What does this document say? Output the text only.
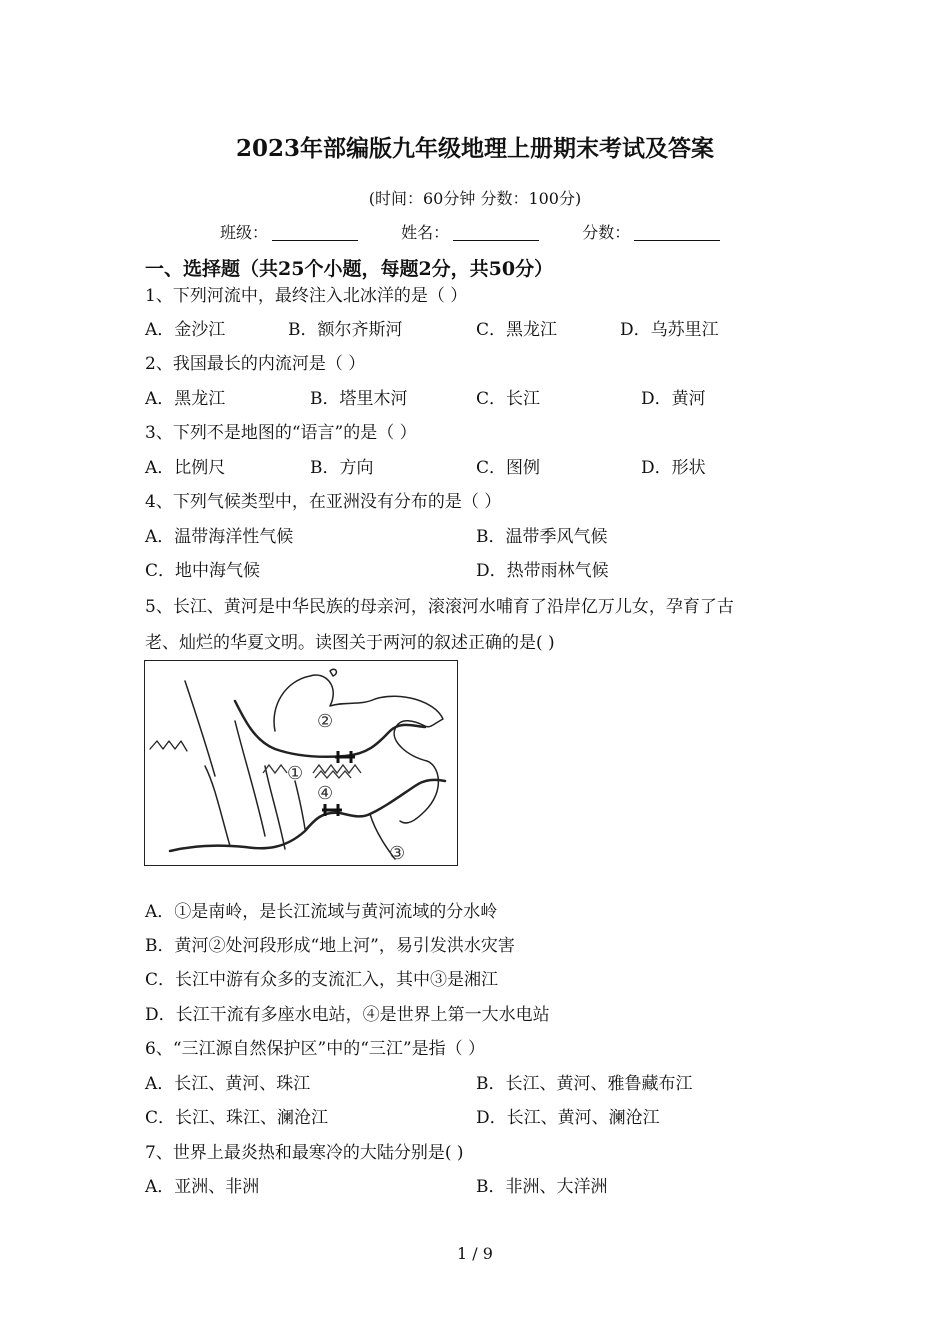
2023年部编版九年级地理上册期末考试及答案
(时间：60分钟 分数：100分)
班级：	姓名：	分数：
一、选择题（共25个小题，每题2分，共50分）
1、下列河流中，最终注入北冰洋的是（ ）
A．金沙江	B．额尔齐斯河	C．黑龙江	D．乌苏里江
2、我国最长的内流河是（ ）
A．黑龙江	B．塔里木河	C．长江	D．黄河
3、下列不是地图的“语言”的是（ ）
A．比例尺	B．方向	C．图例	D．形状
4、下列气候类型中，在亚洲没有分布的是（ ）
A．温带海洋性气候	B．温带季风气候
C．地中海气候	D．热带雨林气候
5、长江、黄河是中华民族的母亲河，滚滚河水哺育了沿岸亿万儿女，孕育了古
老、灿烂的华夏文明。读图关于两河的叙述正确的是( )
②
①
④
③
A．①是南岭，是长江流域与黄河流域的分水岭
B．黄河②处河段形成“地上河”，易引发洪水灾害
C．长江中游有众多的支流汇入，其中③是湘江
D．长江干流有多座水电站，④是世界上第一大水电站
6、“三江源自然保护区”中的“三江”是指（ ）
A．长江、黄河、珠江	B．长江、黄河、雅鲁藏布江
C．长江、珠江、澜沧江	D．长江、黄河、澜沧江
7、世界上最炎热和最寒冷的大陆分别是( )
A．亚洲、非洲	B．非洲、大洋洲
1 / 9
